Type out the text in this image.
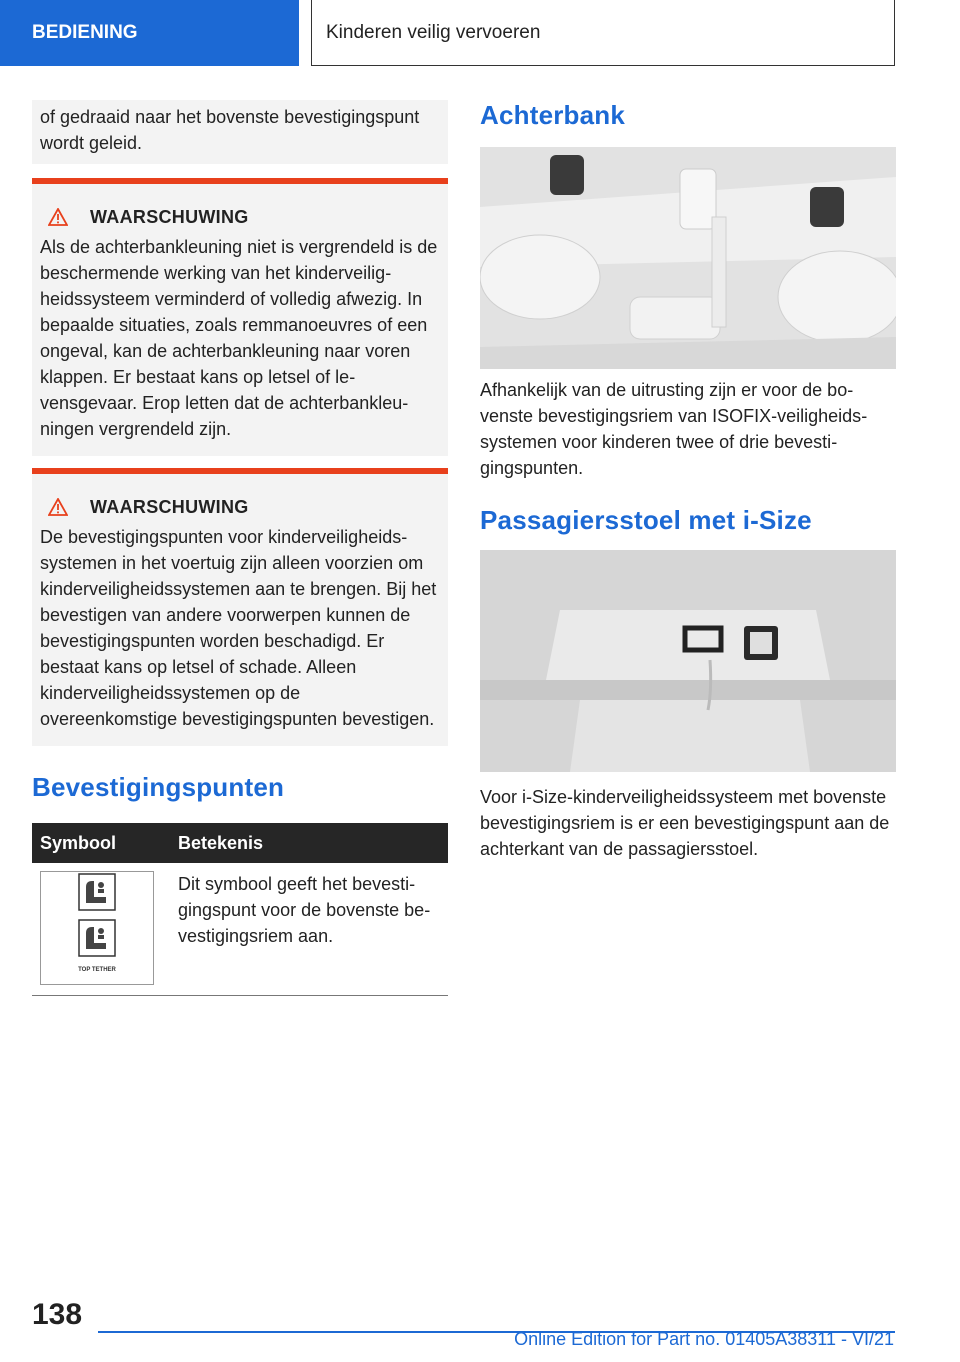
BEDIENING	Kinderen veilig vervoeren
of gedraaid naar het bovenste bevestigingspunt wordt geleid.
WAARSCHUWING
Als de achterbankleuning niet is vergrendeld is de beschermende werking van het kinderveiligheidssysteem verminderd of volledig afwezig. In bepaalde situaties, zoals remmanoeuvres of een ongeval, kan de achterbankleuning naar voren klappen. Er bestaat kans op letsel of levensgevaar. Erop letten dat de achterbankleuningen vergrendeld zijn.
WAARSCHUWING
De bevestigingspunten voor kinderveiligheidssystemen in het voertuig zijn alleen voorzien om kinderveiligheidssystemen aan te brengen. Bij het bevestigen van andere voorwerpen kunnen de bevestigingspunten worden beschadigd. Er bestaat kans op letsel of schade. Alleen kinderveiligheidssystemen op de overeenkomstige bevestigingspunten bevestigen.
Bevestigingspunten
Symbool	Betekenis

TOP TETHER	Dit symbool geeft het bevestigingspunt voor de bovenste bevestigingsriem aan.
Achterbank
Afhankelijk van de uitrusting zijn er voor de bovenste bevestigingsriem van ISOFIX-veiligheidssystemen voor kinderen twee of drie bevestigingspunten.
Passagiersstoel met i-Size
Voor i-Size-kinderveiligheidssysteem met bovenste bevestigingsriem is er een bevestigingspunt aan de achterkant van de passagiersstoel.
138
Online Edition for Part no. 01405A38311 - VI/21
